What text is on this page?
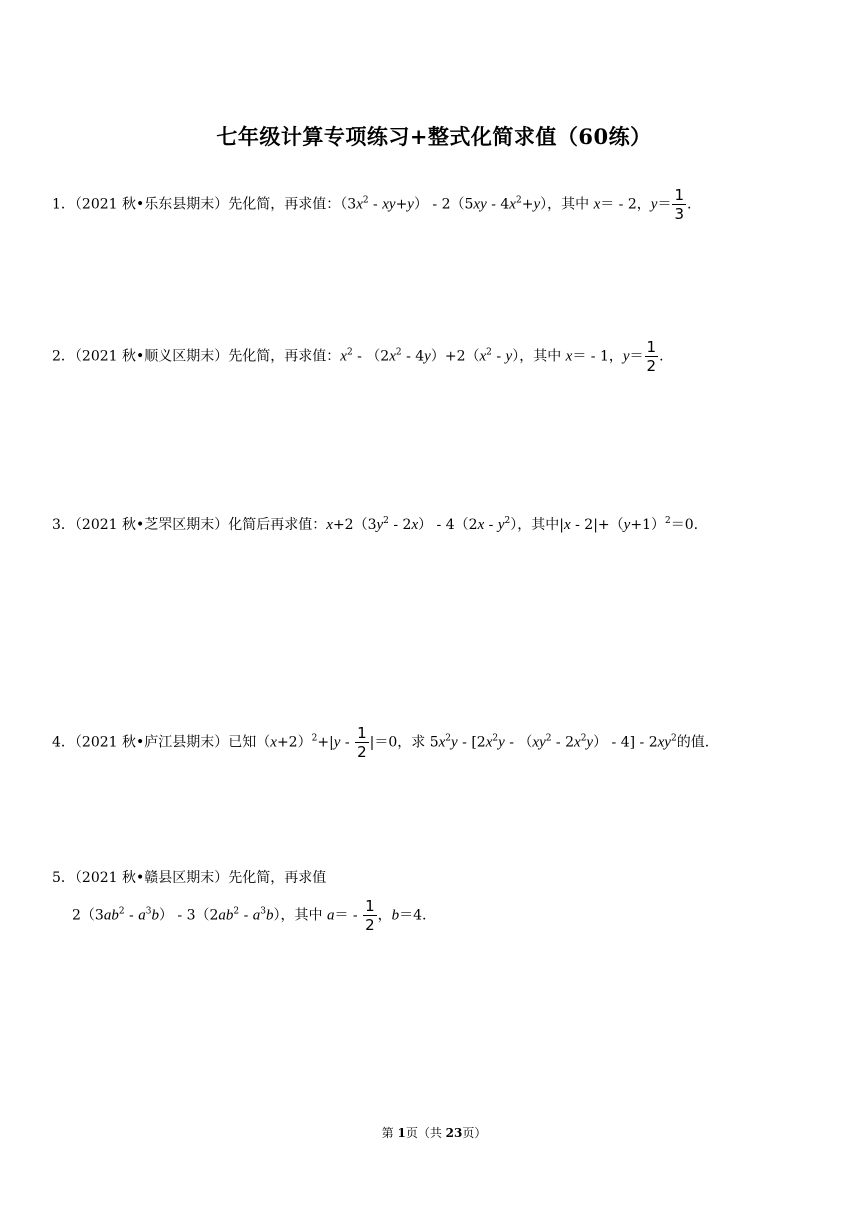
七年级计算专项练习+整式化简求值（60练）
1．（2021 秋•乐东县期末）先化简，再求值：$(3x^2 - xy+y) - 2(5xy - 4x^2+y)$，其中 x＝ - 2，$y= \frac{1}{3}$ .
2．（2021 秋•顺义区期末）先化简，再求值：$x^2 - (2x^2 - 4y)+2(x^2 - y)$，其中 x＝ - 1，$y= \frac{1}{2}$ .
3．（2021 秋•芝罘区期末）化简后再求值：$x+2(3y^2 - 2x) - 4(2x - y^2)$，其中$|x - 2|+(y+1)^2=0$.
4．（2021 秋•庐江县期末）已知$(x+2)^2+|y - \frac{1}{2} |=0$，求 $5x^2y - [2x^2y - (xy^2 - 2x^2y) - 4] - 2xy^2$的值.
5．（2021 秋•赣县区期末）先化简，再求值
$2(3ab^2 - a^3b) - 3(2ab^2 - a^3b)$，其中 $a= - \frac{1}{2}$ ，b＝4.
第 1页（共 23页）
